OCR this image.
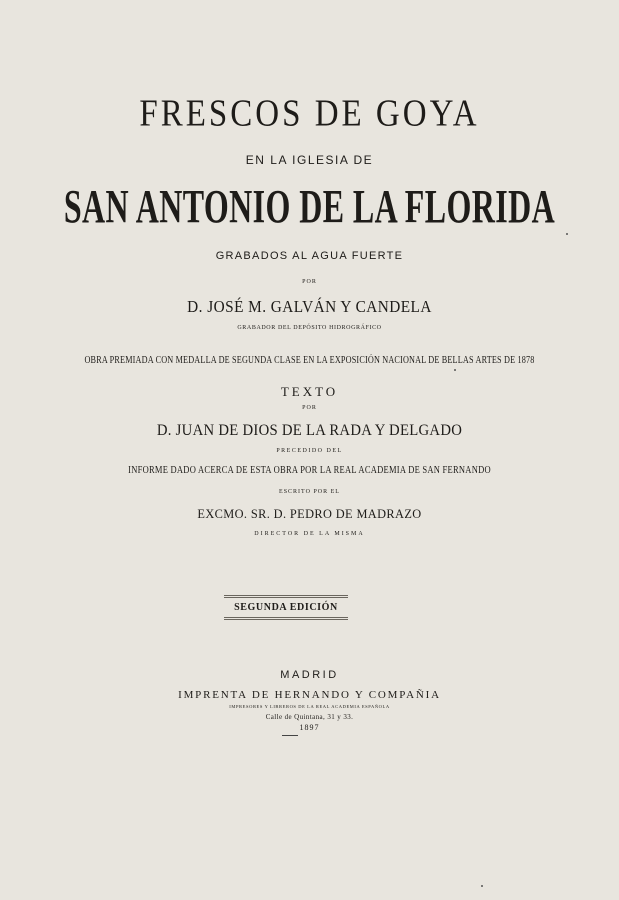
FRESCOS DE GOYA
EN LA IGLESIA DE
SAN ANTONIO DE LA FLORIDA
GRABADOS AL AGUA FUERTE
POR
D. JOSÉ M. GALVÁN Y CANDELA
GRABADOR DEL DEPÓSITO HIDROGRÁFICO
OBRA PREMIADA CON MEDALLA DE SEGUNDA CLASE EN LA EXPOSICIÓN NACIONAL DE BELLAS ARTES DE 1878
TEXTO
POR
D. JUAN DE DIOS DE LA RADA Y DELGADO
PRECEDIDO DEL
INFORME DADO ACERCA DE ESTA OBRA POR LA REAL ACADEMIA DE SAN FERNANDO
ESCRITO POR EL
EXCMO. SR. D. PEDRO DE MADRAZO
DIRECTOR DE LA MISMA
SEGUNDA EDICIÓN
MADRID
IMPRENTA DE HERNANDO Y COMPAÑIA
IMPRESORES Y LIBREROS DE LA REAL ACADEMIA ESPAÑOLA
Calle de Quintana, 31 y 33.
1897
